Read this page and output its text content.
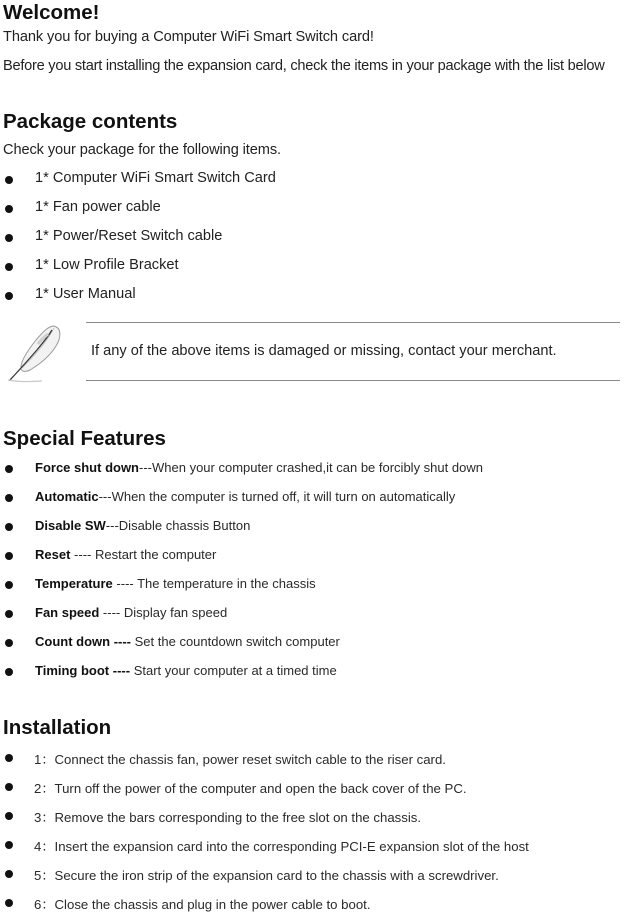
Welcome!
Thank you for buying a Computer WiFi Smart Switch card!
Before you start installing the expansion card, check the items in your package with the list below
Package contents
Check your package for the following items.
1* Computer WiFi Smart Switch Card
1* Fan power cable
1* Power/Reset Switch cable
1* Low Profile Bracket
1* User Manual
If any of the above items is damaged or missing, contact your merchant.
Special Features
Force shut down---When your computer crashed,it can be forcibly shut down
Automatic---When the computer is turned off, it will turn on automatically
Disable SW---Disable chassis Button
Reset ---- Restart the computer
Temperature ---- The temperature in the chassis
Fan speed ---- Display fan speed
Count down ---- Set the countdown switch computer
Timing boot ---- Start your computer at a timed time
Installation
1：Connect the chassis fan, power reset switch cable to the riser card.
2：Turn off the power of the computer and open the back cover of the PC.
3：Remove the bars corresponding to the free slot on the chassis.
4：Insert the expansion card into the corresponding PCI-E expansion slot of the host
5：Secure the iron strip of the expansion card to the chassis with a screwdriver.
6：Close the chassis and plug in the power cable to boot.
